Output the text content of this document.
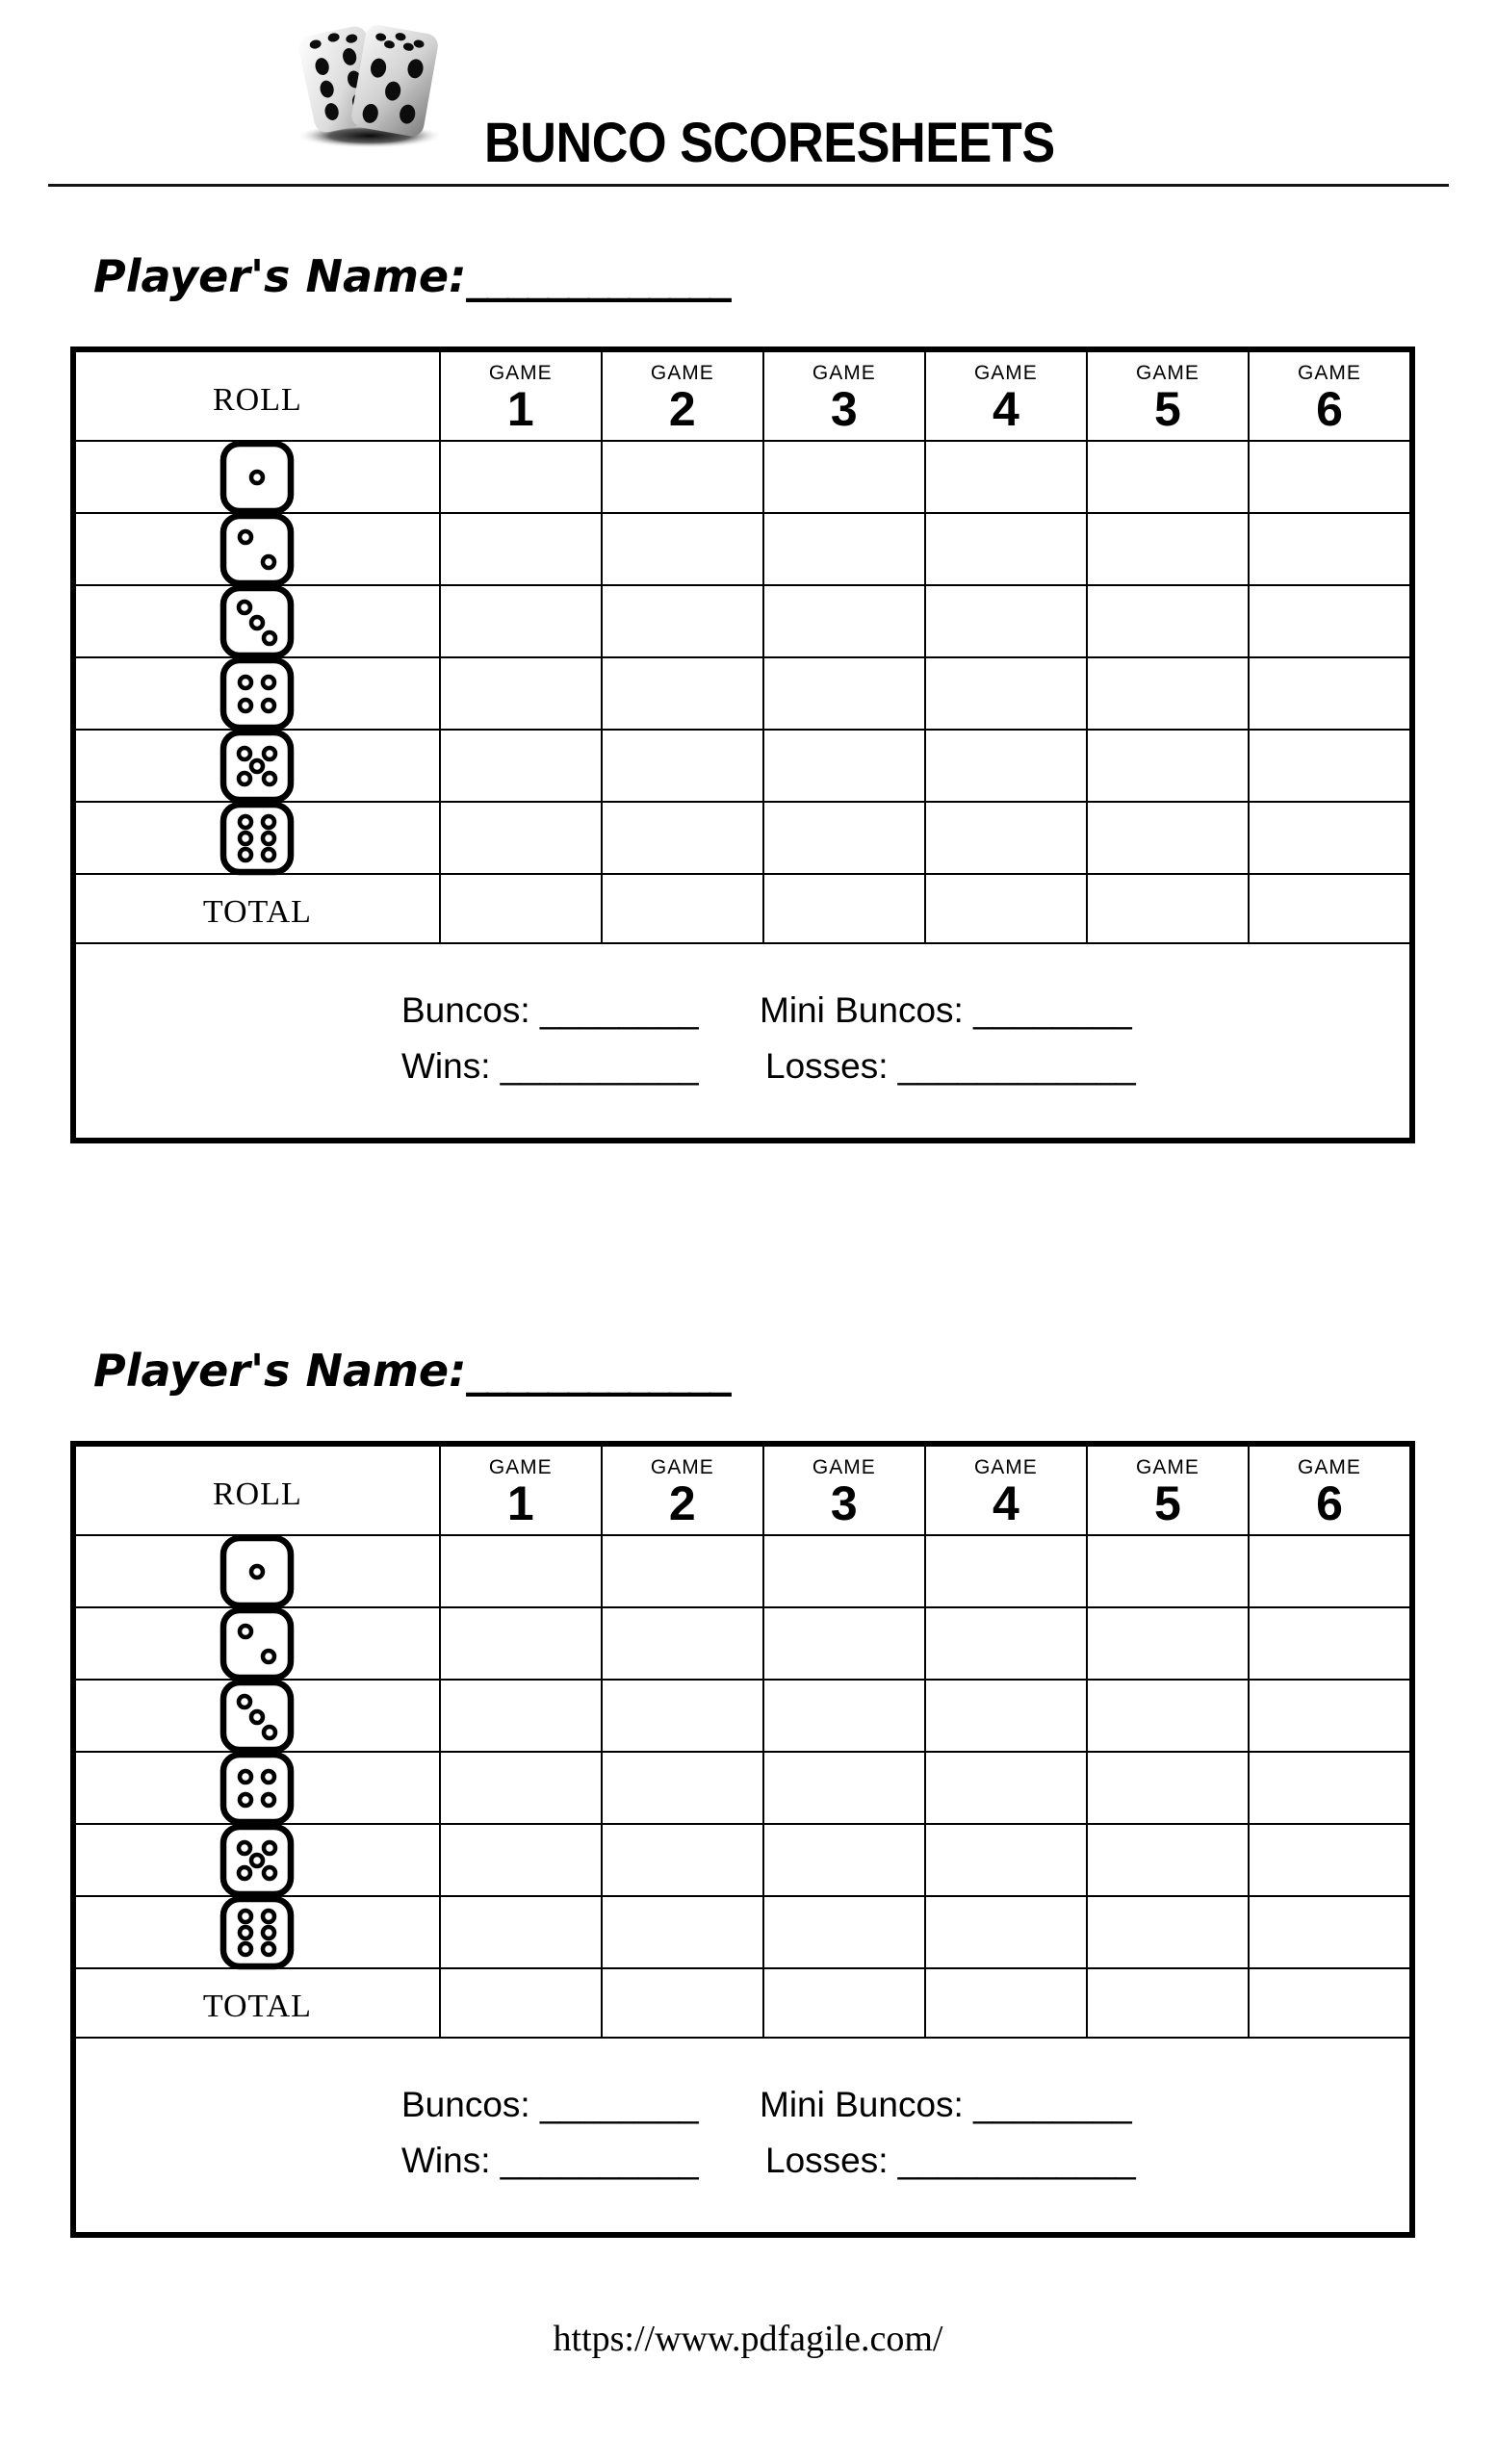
BUNCO SCORESHEETS
Player's Name:_____________
ROLL
GAME
1
GAME
2
GAME
3
GAME
4
GAME
5
GAME
6
TOTAL
Buncos: ________ Mini Buncos: ________
Wins: __________ Losses: ____________
Player's Name:_____________
ROLL
GAME
1
GAME
2
GAME
3
GAME
4
GAME
5
GAME
6
TOTAL
Buncos: ________ Mini Buncos: ________
Wins: __________ Losses: ____________
https://www.pdfagile.com/
